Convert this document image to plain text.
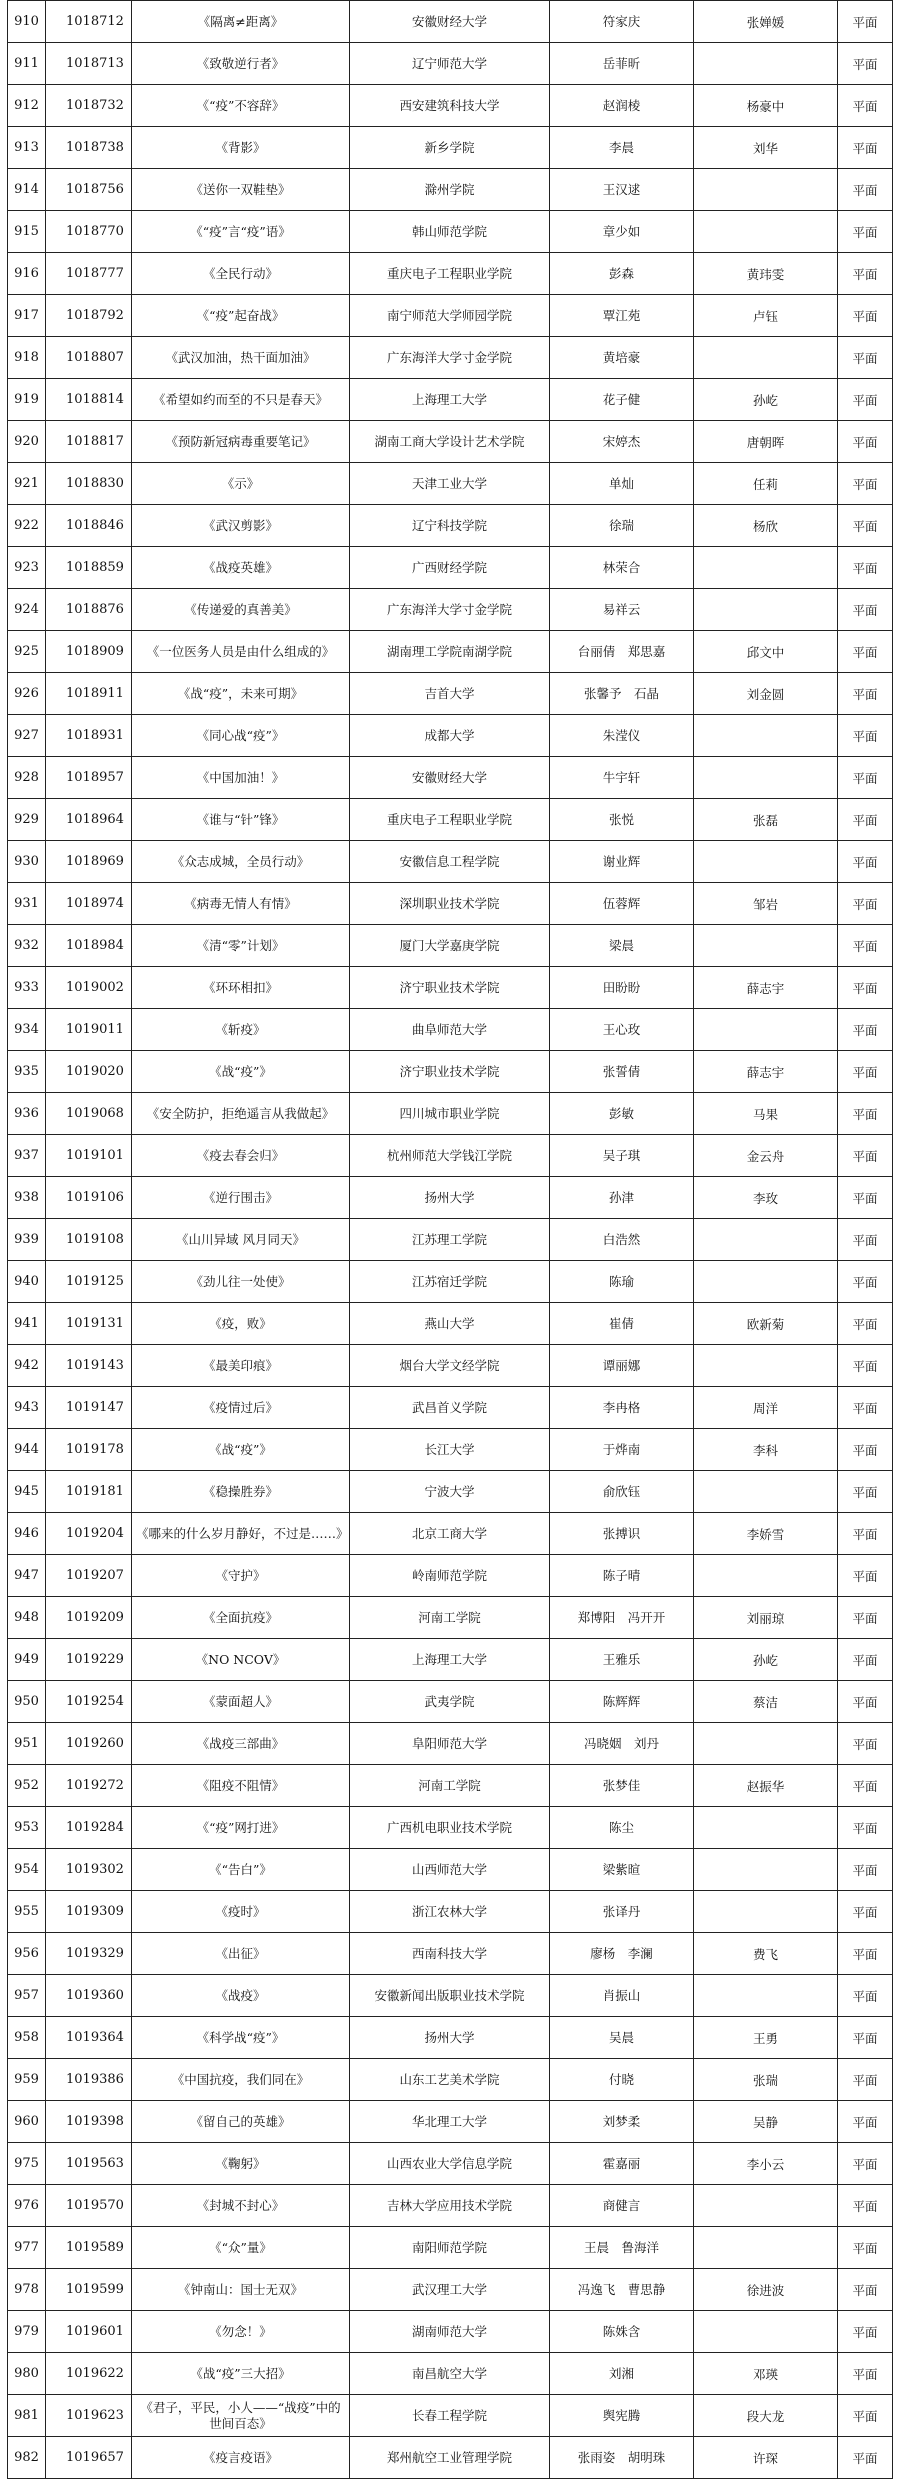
910	1018712	《隔离≠距离》	安徽财经大学	符家庆	张婵媛	平面
911	1018713	《致敬逆行者》	辽宁师范大学	岳菲昕		平面
912	1018732	《“疫”不容辞》	西安建筑科技大学	赵润棱	杨豪中	平面
913	1018738	《背影》	新乡学院	李晨	刘华	平面
914	1018756	《送你一双鞋垫》	滁州学院	王汉逑		平面
915	1018770	《“疫”言“疫”语》	韩山师范学院	章少如		平面
916	1018777	《全民行动》	重庆电子工程职业学院	彭森	黄玮雯	平面
917	1018792	《“疫”起奋战》	南宁师范大学师园学院	覃江苑	卢钰	平面
918	1018807	《武汉加油，热干面加油》	广东海洋大学寸金学院	黄培豪		平面
919	1018814	《希望如约而至的不只是春天》	上海理工大学	花子健	孙屹	平面
920	1018817	《预防新冠病毒重要笔记》	湖南工商大学设计艺术学院	宋婷杰	唐朝晖	平面
921	1018830	《示》	天津工业大学	单灿	任莉	平面
922	1018846	《武汉剪影》	辽宁科技学院	徐瑞	杨欣	平面
923	1018859	《战疫英雄》	广西财经学院	林荣合		平面
924	1018876	《传递爱的真善美》	广东海洋大学寸金学院	易祥云		平面
925	1018909	《一位医务人员是由什么组成的》	湖南理工学院南湖学院	台丽倩　郑思嘉	邱文中	平面
926	1018911	《战“疫”，未来可期》	吉首大学	张馨予　石晶	刘金圆	平面
927	1018931	《同心战“疫”》	成都大学	朱滢仪		平面
928	1018957	《中国加油！》	安徽财经大学	牛宇轩		平面
929	1018964	《谁与“针”锋》	重庆电子工程职业学院	张悦	张磊	平面
930	1018969	《众志成城，全员行动》	安徽信息工程学院	谢业辉		平面
931	1018974	《病毒无情人有情》	深圳职业技术学院	伍蓉辉	邹岩	平面
932	1018984	《清“零”计划》	厦门大学嘉庚学院	梁晨		平面
933	1019002	《环环相扣》	济宁职业技术学院	田盼盼	薛志宇	平面
934	1019011	《斩疫》	曲阜师范大学	王心玫		平面
935	1019020	《战“疫”》	济宁职业技术学院	张誓倩	薛志宇	平面
936	1019068	《安全防护，拒绝遥言从我做起》	四川城市职业学院	彭敏	马果	平面
937	1019101	《疫去春会归》	杭州师范大学钱江学院	吴子琪	金云舟	平面
938	1019106	《逆行围击》	扬州大学	孙津	李玫	平面
939	1019108	《山川异域 风月同天》	江苏理工学院	白浩然		平面
940	1019125	《劲儿往一处使》	江苏宿迁学院	陈瑜		平面
941	1019131	《疫，败》	燕山大学	崔倩	欧新菊	平面
942	1019143	《最美印痕》	烟台大学文经学院	谭丽娜		平面
943	1019147	《疫情过后》	武昌首义学院	李冉格	周洋	平面
944	1019178	《战“疫”》	长江大学	于烨南	李科	平面
945	1019181	《稳操胜券》	宁波大学	俞欣钰		平面
946	1019204	《哪来的什么岁月静好，不过是……》	北京工商大学	张搏识	李娇雪	平面
947	1019207	《守护》	岭南师范学院	陈子晴		平面
948	1019209	《全面抗疫》	河南工学院	郑博阳　冯开开	刘丽琼	平面
949	1019229	《NO NCOV》	上海理工大学	王雅乐	孙屹	平面
950	1019254	《蒙面超人》	武夷学院	陈辉辉	蔡洁	平面
951	1019260	《战疫三部曲》	阜阳师范大学	冯晓姻　刘丹		平面
952	1019272	《阻疫不阻情》	河南工学院	张梦佳	赵振华	平面
953	1019284	《“疫”网打进》	广西机电职业技术学院	陈尘		平面
954	1019302	《“告白”》	山西师范大学	梁紫暄		平面
955	1019309	《疫时》	浙江农林大学	张译丹		平面
956	1019329	《出征》	西南科技大学	廖杨　李澜	费飞	平面
957	1019360	《战疫》	安徽新闻出版职业技术学院	肖振山		平面
958	1019364	《科学战“疫”》	扬州大学	吴晨	王勇	平面
959	1019386	《中国抗疫，我们同在》	山东工艺美术学院	付晓	张瑞	平面
960	1019398	《留自己的英雄》	华北理工大学	刘梦柔	吴静	平面
975	1019563	《鞠躬》	山西农业大学信息学院	霍嘉丽	李小云	平面
976	1019570	《封城不封心》	吉林大学应用技术学院	商健言		平面
977	1019589	《“众”量》	南阳师范学院	王晨　鲁海洋		平面
978	1019599	《钟南山：国士无双》	武汉理工大学	冯逸飞　曹思静	徐进波	平面
979	1019601	《勿念！》	湖南师范大学	陈姝含		平面
980	1019622	《战“疫”三大招》	南昌航空大学	刘湘	邓瑛	平面
981	1019623	《君子，平民，小人——“战疫”中的世间百态》	长春工程学院	舆宪腾	段大龙	平面
982	1019657	《疫言疫语》	郑州航空工业管理学院	张雨姿　胡明珠	许琛	平面
